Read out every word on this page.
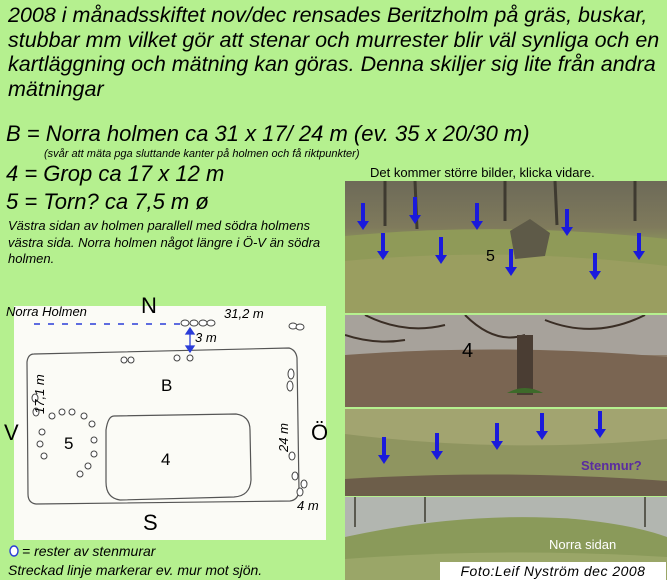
2008 i månadsskiftet nov/dec rensades Beritzholm på gräs, buskar, stubbar mm vilket gör att stenar och murrester blir väl synliga och en kartläggning och mätning kan göras. Denna skiljer sig lite från andra mätningar
B = Norra holmen ca 31 x 17/ 24 m (ev. 35 x 20/30 m)
(svår att mäta pga sluttande kanter på holmen och få riktpunkter)
4 = Grop ca 17 x 12 m
5 = Torn? ca 7,5 m ø
Västra sidan av holmen parallell med södra holmens västra sida. Norra holmen något längre i Ö-V än södra holmen.
Det kommer större bilder, klicka vidare.
5
4
Stenmur?
Norra sidan
Norra Holmen N
S
V	Ö
31,2 m
3 m
17,1 m
24 m
4 m
B
5
4
= rester av stenmurar
Streckad linje markerar ev. mur mot sjön.	Foto:Leif Nyström dec 2008
